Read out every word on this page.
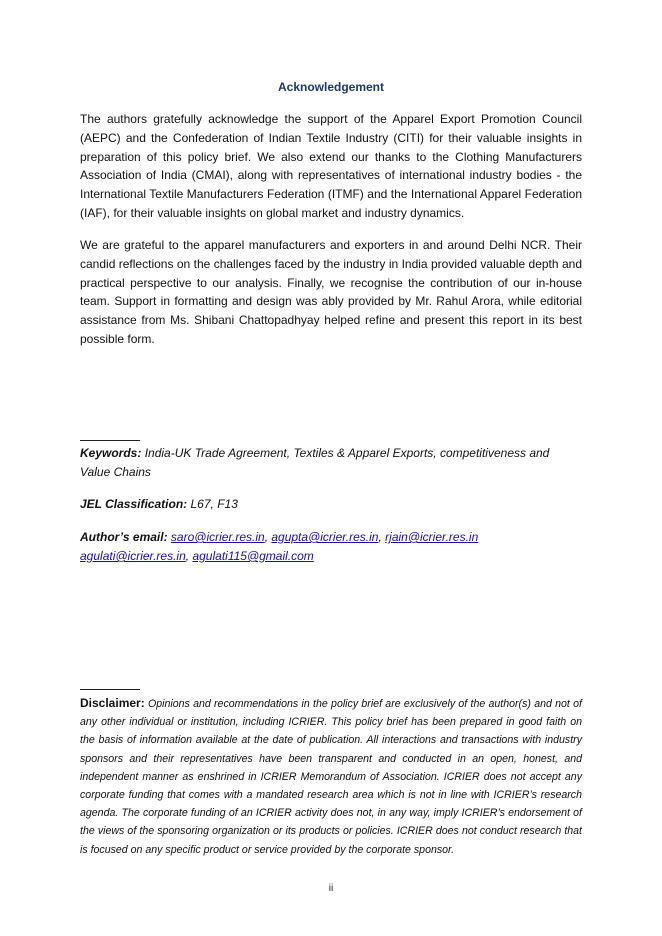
Acknowledgement

The authors gratefully acknowledge the support of the Apparel Export Promotion Council (AEPC) and the Confederation of Indian Textile Industry (CITI) for their valuable insights in preparation of this policy brief. We also extend our thanks to the Clothing Manufacturers Association of India (CMAI), along with representatives of international industry bodies - the International Textile Manufacturers Federation (ITMF) and the International Apparel Federation (IAF), for their valuable insights on global market and industry dynamics.

We are grateful to the apparel manufacturers and exporters in and around Delhi NCR. Their candid reflections on the challenges faced by the industry in India provided valuable depth and practical perspective to our analysis. Finally, we recognise the contribution of our in-house team. Support in formatting and design was ably provided by Mr. Rahul Arora, while editorial assistance from Ms. Shibani Chattopadhyay helped refine and present this report in its best possible form.

Keywords: India-UK Trade Agreement, Textiles & Apparel Exports, competitiveness and Value Chains

JEL Classification: L67, F13

Author’s email: saro@icrier.res.in, agupta@icrier.res.in, rjain@icrier.res.in
agulati@icrier.res.in, agulati115@gmail.com

Disclaimer: Opinions and recommendations in the policy brief are exclusively of the author(s) and not of any other individual or institution, including ICRIER. This policy brief has been prepared in good faith on the basis of information available at the date of publication. All interactions and transactions with industry sponsors and their representatives have been transparent and conducted in an open, honest, and independent manner as enshrined in ICRIER Memorandum of Association. ICRIER does not accept any corporate funding that comes with a mandated research area which is not in line with ICRIER’s research agenda. The corporate funding of an ICRIER activity does not, in any way, imply ICRIER’s endorsement of the views of the sponsoring organization or its products or policies. ICRIER does not conduct research that is focused on any specific product or service provided by the corporate sponsor.

ii
